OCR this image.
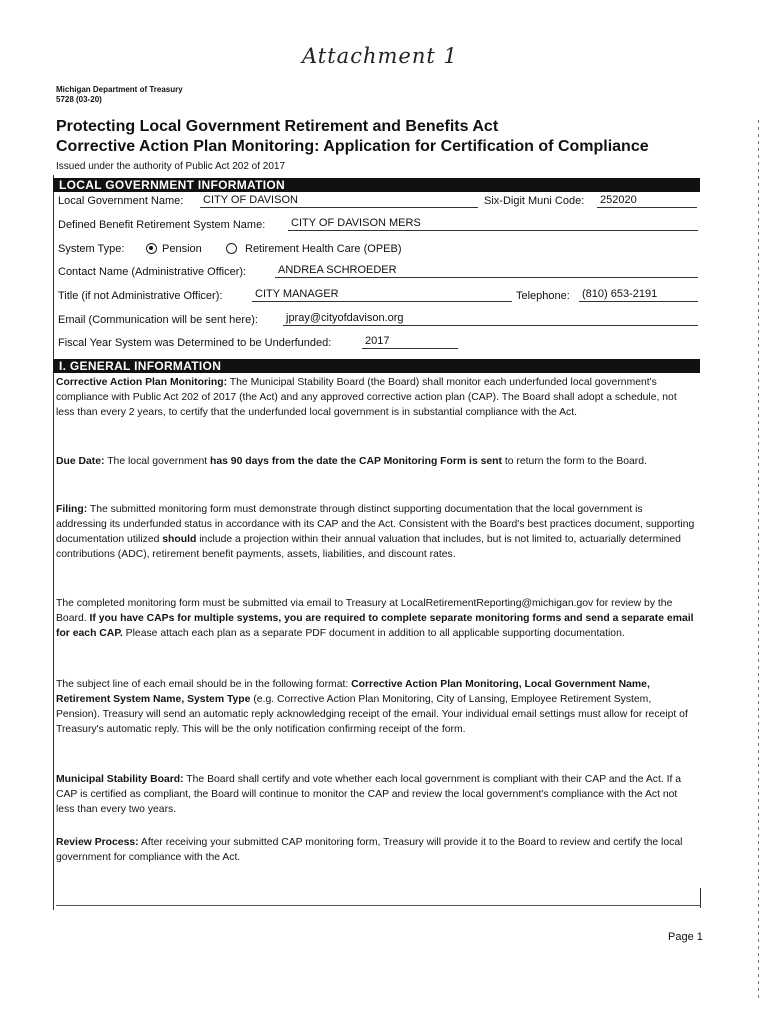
Attachment 1
Michigan Department of Treasury
5728 (03-20)
Protecting Local Government Retirement and Benefits Act
Corrective Action Plan Monitoring: Application for Certification of Compliance
Issued under the authority of Public Act 202 of 2017
LOCAL GOVERNMENT INFORMATION
Local Government Name: CITY OF DAVISON	Six-Digit Muni Code: 252020
Defined Benefit Retirement System Name: CITY OF DAVISON MERS
System Type:	Pension	Retirement Health Care (OPEB)
Contact Name (Administrative Officer):	ANDREA SCHROEDER
Title (if not Administrative Officer):	CITY MANAGER	Telephone: (810) 653-2191
Email (Communication will be sent here):	jpray@cityofdavison.org
Fiscal Year System was Determined to be Underfunded:	2017
I. GENERAL INFORMATION
Corrective Action Plan Monitoring: The Municipal Stability Board (the Board) shall monitor each underfunded local government's compliance with Public Act 202 of 2017 (the Act) and any approved corrective action plan (CAP). The Board shall adopt a schedule, not less than every 2 years, to certify that the underfunded local government is in substantial compliance with the Act.
Due Date: The local government has 90 days from the date the CAP Monitoring Form is sent to return the form to the Board.
Filing: The submitted monitoring form must demonstrate through distinct supporting documentation that the local government is addressing its underfunded status in accordance with its CAP and the Act. Consistent with the Board's best practices document, supporting documentation utilized should include a projection within their annual valuation that includes, but is not limited to, actuarially determined contributions (ADC), retirement benefit payments, assets, liabilities, and discount rates.
The completed monitoring form must be submitted via email to Treasury at LocalRetirementReporting@michigan.gov for review by the Board. If you have CAPs for multiple systems, you are required to complete separate monitoring forms and send a separate email for each CAP. Please attach each plan as a separate PDF document in addition to all applicable supporting documentation.
The subject line of each email should be in the following format: Corrective Action Plan Monitoring, Local Government Name, Retirement System Name, System Type (e.g. Corrective Action Plan Monitoring, City of Lansing, Employee Retirement System, Pension). Treasury will send an automatic reply acknowledging receipt of the email. Your individual email settings must allow for receipt of Treasury's automatic reply. This will be the only notification confirming receipt of the form.
Municipal Stability Board: The Board shall certify and vote whether each local government is compliant with their CAP and the Act. If a CAP is certified as compliant, the Board will continue to monitor the CAP and review the local government's compliance with the Act not less than every two years.
Review Process: After receiving your submitted CAP monitoring form, Treasury will provide it to the Board to review and certify the local government for compliance with the Act.
Page 1
